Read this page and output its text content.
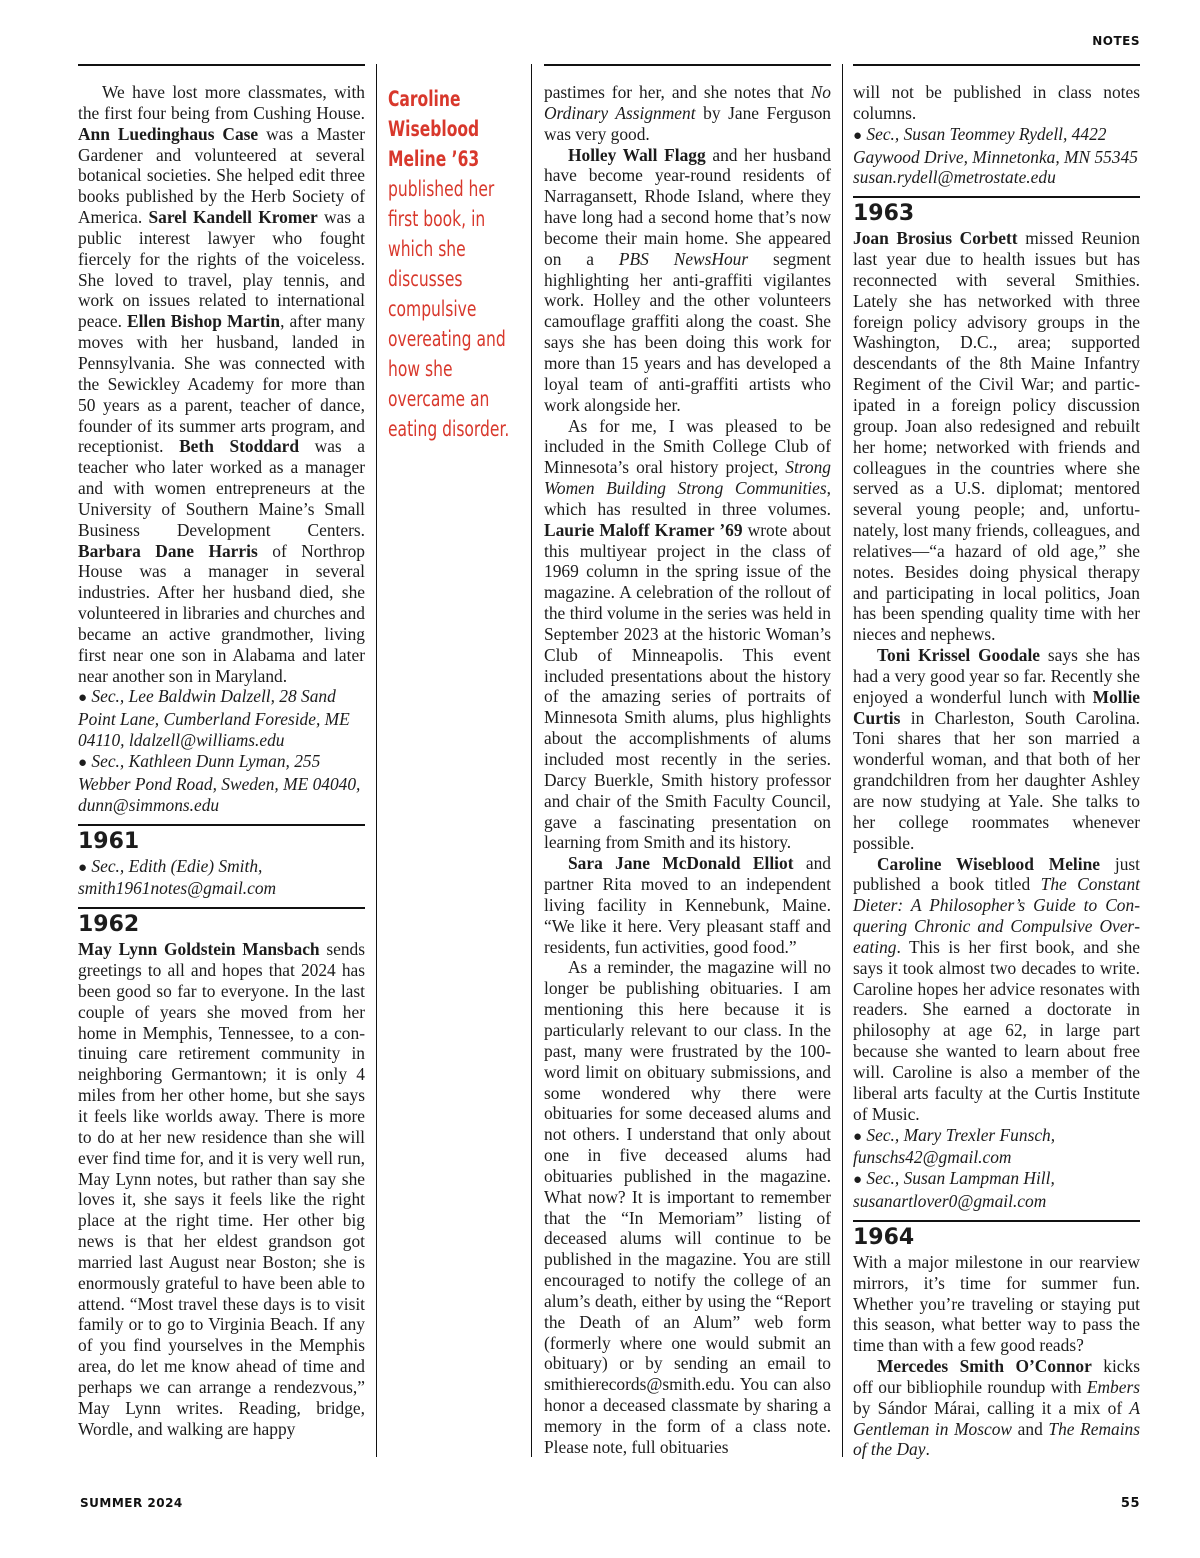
NOTES

We have lost more classmates, with the first four being from Cushing House. Ann Luedinghaus Case was a Master Gardener and volunteered at several botanical societies. She helped edit three books published by the Herb Society of America. Sarel Kandell Kromer was a public interest lawyer who fought fiercely for the rights of the voiceless. She loved to travel, play tennis, and work on issues related to international peace. Ellen Bishop Martin, after many moves with her husband, landed in Pennsylvania. She was connected with the Sewickley Academy for more than 50 years as a parent, teacher of dance, founder of its summer arts program, and receptionist. Beth Stoddard was a teacher who later worked as a manager and with women entrepreneurs at the University of Southern Maine’s Small Business Development Centers. Barbara Dane Harris of Northrop House was a manager in several industries. After her husband died, she volunteered in libraries and churches and became an active grandmother, living first near one son in Alabama and later near another son in Maryland.

● Sec., Lee Baldwin Dalzell, 28 Sand Point Lane, Cumberland Foreside, ME 04110, ldalzell@williams.edu

● Sec., Kathleen Dunn Lyman, 255 Webber Pond Road, Sweden, ME 04040, dunn@simmons.edu

1961

● Sec., Edith (Edie) Smith, smith1961notes@gmail.com

1962

May Lynn Goldstein Mansbach sends greetings to all and hopes that 2024 has been good so far to everyone. In the last couple of years she moved from her home in Memphis, Tennessee, to a continuing care retirement community in neighboring Germantown; it is only 4 miles from her other home, but she says it feels like worlds away. There is more to do at her new residence than she will ever find time for, and it is very well run, May Lynn notes, but rather than say she loves it, she says it feels like the right place at the right time. Her other big news is that her eldest grandson got married last August near Boston; she is enormously grateful to have been able to attend. “Most travel these days is to visit family or to go to Virginia Beach. If any of you find yourselves in the Memphis area, do let me know ahead of time and perhaps we can arrange a rendezvous,” May Lynn writes. Reading, bridge, Wordle, and walking are happy

Caroline Wiseblood Meline ’63
published her first book, in which she discusses compulsive overeating and how she overcame an eating disorder.

pastimes for her, and she notes that No Ordinary Assignment by Jane Ferguson was very good.

Holley Wall Flagg and her husband have become year-round residents of Narragansett, Rhode Island, where they have long had a second home that’s now become their main home. She appeared on a PBS NewsHour segment highlighting her anti-graffiti vigilantes work. Holley and the other volunteers camouflage graffiti along the coast. She says she has been doing this work for more than 15 years and has developed a loyal team of anti-graffiti artists who work alongside her.

As for me, I was pleased to be included in the Smith College Club of Minnesota’s oral history project, Strong Women Building Strong Communities, which has resulted in three volumes. Laurie Maloff Kramer ’69 wrote about this multiyear project in the class of 1969 column in the spring issue of the magazine. A celebration of the rollout of the third volume in the series was held in September 2023 at the historic Woman’s Club of Minneapolis. This event included presentations about the history of the amazing series of portraits of Minnesota Smith alums, plus highlights about the accomplishments of alums included most recently in the series. Darcy Buerkle, Smith history professor and chair of the Smith Faculty Council, gave a fascinating presentation on learning from Smith and its history.

Sara Jane McDonald Elliot and partner Rita moved to an independent living facility in Kennebunk, Maine. “We like it here. Very pleasant staff and residents, fun activities, good food.”

As a reminder, the magazine will no longer be publishing obituaries. I am mentioning this here because it is particularly relevant to our class. In the past, many were frustrated by the 100-word limit on obituary submissions, and some wondered why there were obituaries for some deceased alums and not others. I understand that only about one in five deceased alums had obituaries published in the magazine. What now? It is important to remember that the “In Memoriam” listing of deceased alums will continue to be published in the magazine. You are still encouraged to notify the college of an alum’s death, either by using the “Report the Death of an Alum” web form (formerly where one would submit an obituary) or by sending an email to smithierecords@smith.edu. You can also honor a deceased classmate by sharing a memory in the form of a class note. Please note, full obituaries

will not be published in class notes columns.

● Sec., Susan Teommey Rydell, 4422 Gaywood Drive, Minnetonka, MN 55345 susan.rydell@metrostate.edu

1963

Joan Brosius Corbett missed Reunion last year due to health issues but has reconnected with several Smithies. Lately she has networked with three foreign policy advisory groups in the Washington, D.C., area; supported descendants of the 8th Maine Infantry Regiment of the Civil War; and participated in a foreign policy discussion group. Joan also redesigned and rebuilt her home; networked with friends and colleagues in the countries where she served as a U.S. diplomat; mentored several young people; and, unfortunately, lost many friends, colleagues, and relatives—“a hazard of old age,” she notes. Besides doing physical therapy and participating in local politics, Joan has been spending quality time with her nieces and nephews.

Toni Krissel Goodale says she has had a very good year so far. Recently she enjoyed a wonderful lunch with Mollie Curtis in Charleston, South Carolina. Toni shares that her son married a wonderful woman, and that both of her grandchildren from her daughter Ashley are now studying at Yale. She talks to her college roommates whenever possible.

Caroline Wiseblood Meline just published a book titled The Constant Dieter: A Philosopher’s Guide to Conquering Chronic and Compulsive Overeating. This is her first book, and she says it took almost two decades to write. Caroline hopes her advice resonates with readers. She earned a doctorate in philosophy at age 62, in large part because she wanted to learn about free will. Caroline is also a member of the liberal arts faculty at the Curtis Institute of Music.

● Sec., Mary Trexler Funsch, funschs42@gmail.com

● Sec., Susan Lampman Hill, susanartlover0@gmail.com

1964

With a major milestone in our rearview mirrors, it’s time for summer fun. Whether you’re traveling or staying put this season, what better way to pass the time than with a few good reads?

Mercedes Smith O’Connor kicks off our bibliophile roundup with Embers by Sándor Márai, calling it a mix of A Gentleman in Moscow and The Remains of the Day.

SUMMER 2024	55
